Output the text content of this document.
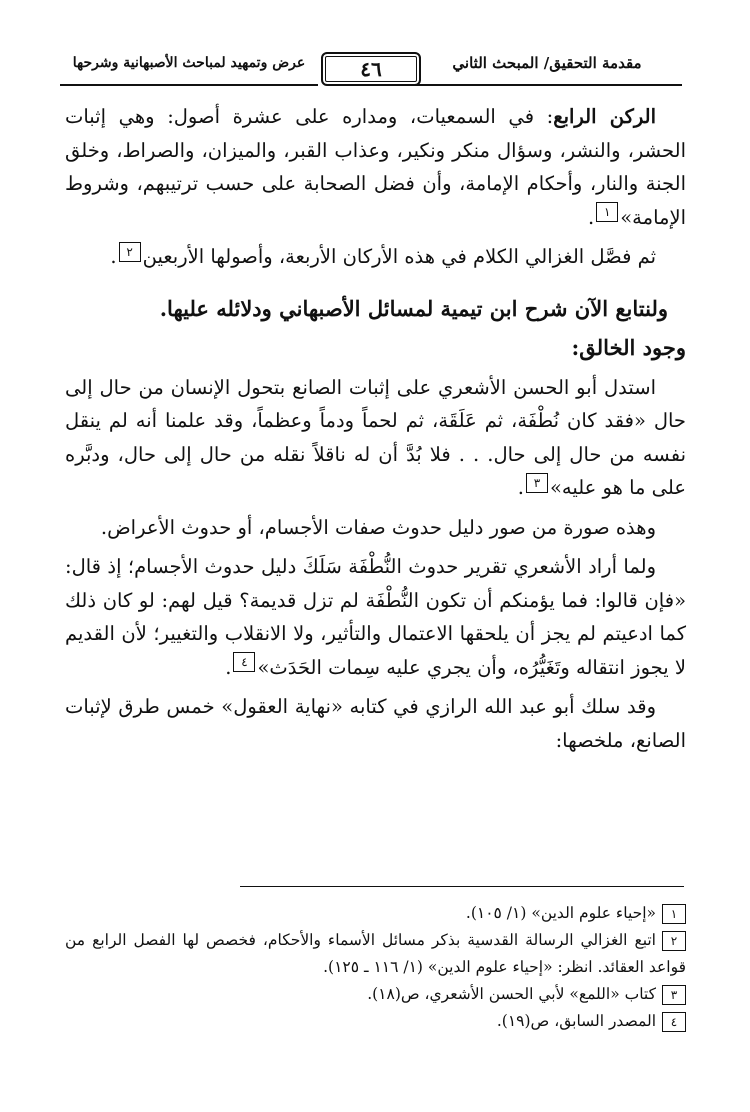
مقدمة التحقيق/ المبحث الثاني
٤٦
عرض وتمهيد لمباحث الأصبهانية وشرحها

الركن الرابع: في السمعيات، ومداره على عشرة أصول: وهي إثبات الحشر، والنشر، وسؤال منكر ونكير، وعذاب القبر، والميزان، والصراط، وخلق الجنة والنار، وأحكام الإمامة، وأن فضل الصحابة على حسب ترتيبهم، وشروط الإمامة»١.

ثم فصَّل الغزالي الكلام في هذه الأركان الأربعة، وأصولها الأربعين٢.

ولنتابع الآن شرح ابن تيمية لمسائل الأصبهاني ودلائله عليها.

وجود الخالق:

استدل أبو الحسن الأشعري على إثبات الصانع بتحول الإنسان من حال إلى حال «فقد كان نُطْفَة، ثم عَلَقَة، ثم لحماً ودماً وعظماً، وقد علمنا أنه لم ينقل نفسه من حال إلى حال. . . فلا بُدَّ أن له ناقلاً نقله من حال إلى حال، ودبَّره على ما هو عليه»٣.

وهذه صورة من صور دليل حدوث صفات الأجسام، أو حدوث الأعراض.

ولما أراد الأشعري تقرير حدوث النُّطْفَة سَلَكَ دليل حدوث الأجسام؛ إذ قال: «فإن قالوا: فما يؤمنكم أن تكون النُّطْفَة لم تزل قديمة؟ قيل لهم: لو كان ذلك كما ادعيتم لم يجز أن يلحقها الاعتمال والتأثير، ولا الانقلاب والتغيير؛ لأن القديم لا يجوز انتقاله وتَغَيُّرُه، وأن يجري عليه سِمات الحَدَث»٤.

وقد سلك أبو عبد الله الرازي في كتابه «نهاية العقول» خمس طرق لإثبات الصانع، ملخصها:

١«إحياء علوم الدين» (١/ ١٠٥).

٢اتبع الغزالي الرسالة القدسية بذكر مسائل الأسماء والأحكام، فخصص لها الفصل الرابع من قواعد العقائد. انظر: «إحياء علوم الدين» (١/ ١١٦ ـ ١٢٥).

٣كتاب «اللمع» لأبي الحسن الأشعري، ص(١٨).

٤المصدر السابق، ص(١٩).
